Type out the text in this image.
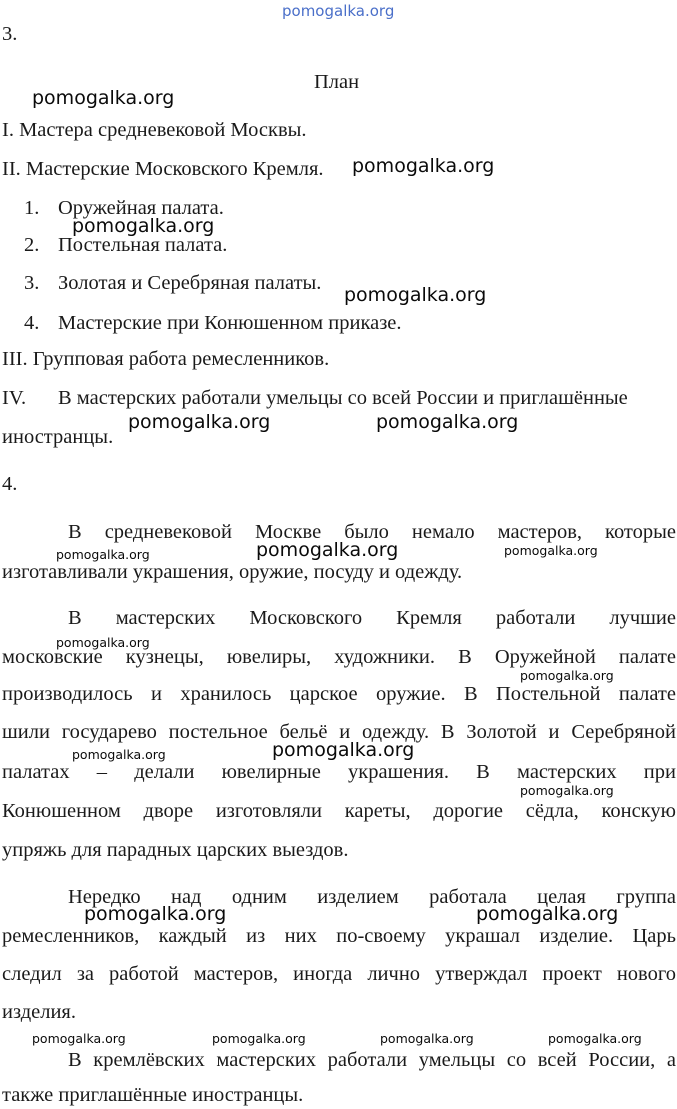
pomogalka.org
pomogalka.org
pomogalka.org
pomogalka.org
pomogalka.org
pomogalka.org	pomogalka.org
pomogalka.org	pomogalka.org	pomogalka.org
pomogalka.org
pomogalka.org
pomogalka.org	pomogalka.org
pomogalka.org
pomogalka.org	pomogalka.org
pomogalka.org	pomogalka.org	pomogalka.org	pomogalka.org
3.
План
I. Мастера средневековой Москвы.
II. Мастерские Московского Кремля.
1. Оружейная палата.
2. Постельная палата.
3. Золотая и Серебряная палаты.
4. Мастерские при Конюшенном приказе.
III. Групповая работа ремесленников.
IV. В мастерских работали умельцы со всей России и приглашённые
иностранцы.
4.
В средневековой Москве было немало мастеров, которые
изготавливали украшения, оружие, посуду и одежду.
В мастерских Московского Кремля работали лучшие
московские кузнецы, ювелиры, художники. В Оружейной палате
производилось и хранилось царское оружие. В Постельной палате
шили государево постельное бельё и одежду. В Золотой и Серебряной
палатах – делали ювелирные украшения. В мастерских при
Конюшенном дворе изготовляли кареты, дорогие сёдла, конскую
упряжь для парадных царских выездов.
Нередко над одним изделием работала целая группа
ремесленников, каждый из них по-своему украшал изделие. Царь
следил за работой мастеров, иногда лично утверждал проект нового
изделия.
В кремлёвских мастерских работали умельцы со всей России, а
также приглашённые иностранцы.
